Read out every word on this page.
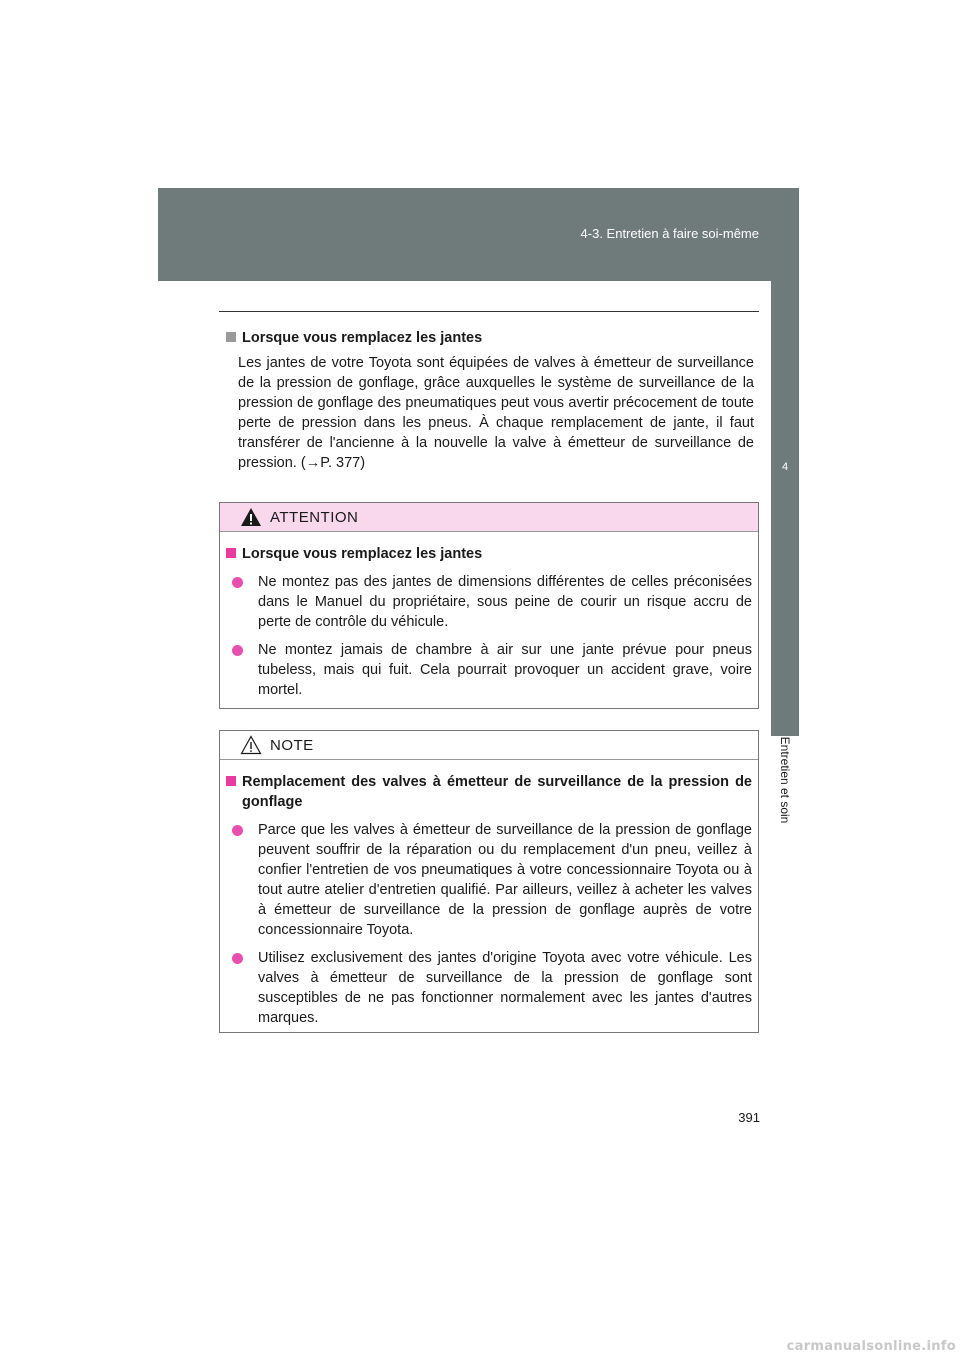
4-3. Entretien à faire soi-même
4
Entretien et soin
Lorsque vous remplacez les jantes
Les jantes de votre Toyota sont équipées de valves à émetteur de surveillance de la pression de gonflage, grâce auxquelles le système de surveillance de la pression de gonflage des pneumatiques peut vous avertir précocement de toute perte de pression dans les pneus. À chaque remplacement de jante, il faut transférer de l'ancienne à la nouvelle la valve à émetteur de surveillance de pression. (→P. 377)
ATTENTION
Lorsque vous remplacez les jantes
Ne montez pas des jantes de dimensions différentes de celles préconisées dans le Manuel du propriétaire, sous peine de courir un risque accru de perte de contrôle du véhicule.
Ne montez jamais de chambre à air sur une jante prévue pour pneus tubeless, mais qui fuit. Cela pourrait provoquer un accident grave, voire mortel.
NOTE
Remplacement des valves à émetteur de surveillance de la pression de gonflage
Parce que les valves à émetteur de surveillance de la pression de gonflage peuvent souffrir de la réparation ou du remplacement d'un pneu, veillez à confier l'entretien de vos pneumatiques à votre concessionnaire Toyota ou à tout autre atelier d'entretien qualifié. Par ailleurs, veillez à acheter les valves à émetteur de surveillance de la pression de gonflage auprès de votre concessionnaire Toyota.
Utilisez exclusivement des jantes d'origine Toyota avec votre véhicule. Les valves à émetteur de surveillance de la pression de gonflage sont susceptibles de ne pas fonctionner normalement avec les jantes d'autres marques.
391
carmanualsonline.info
